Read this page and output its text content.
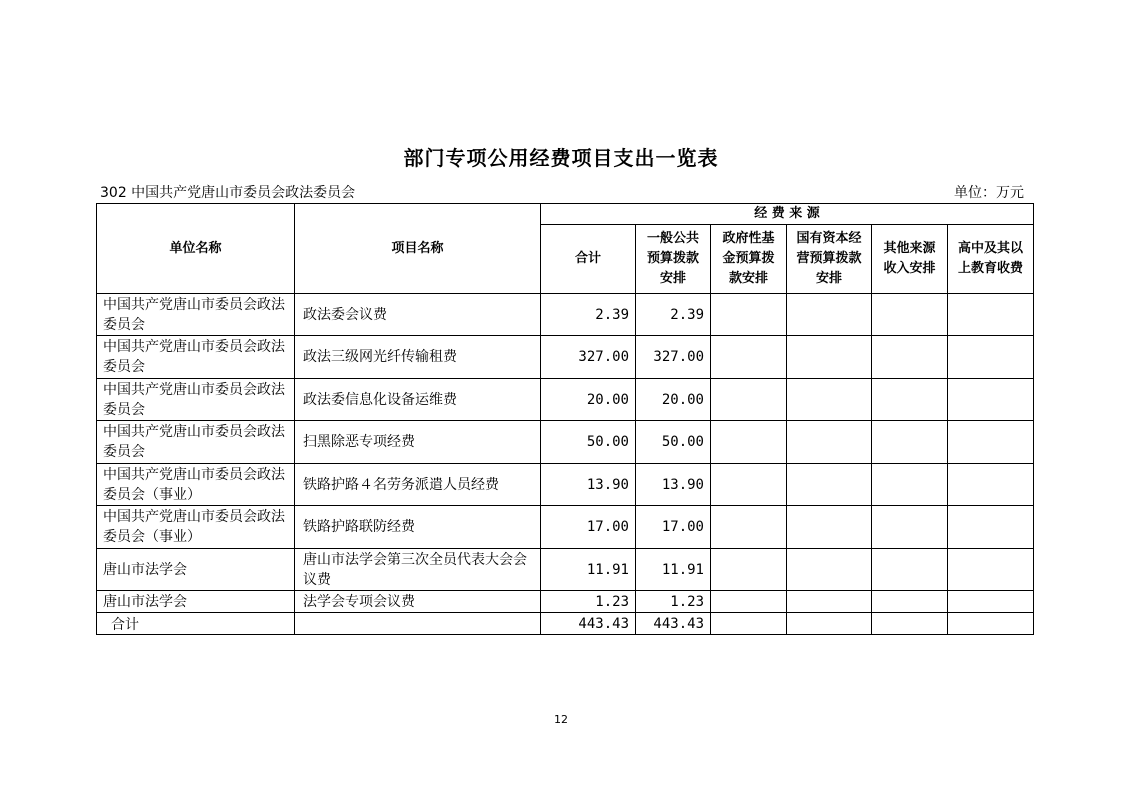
部门专项公用经费项目支出一览表
302 中国共产党唐山市委员会政法委员会	单位：万元
单位名称	项目名称	经 费 来 源					
		合计	一般公共预算拨款安排	政府性基金预算拨款安排	国有资本经营预算拨款安排	其他来源收入安排	高中及其以上教育收费
中国共产党唐山市委员会政法委员会	政法委会议费	2.39	2.39				
中国共产党唐山市委员会政法委员会	政法三级网光纤传输租费	327.00	327.00				
中国共产党唐山市委员会政法委员会	政法委信息化设备运维费	20.00	20.00				
中国共产党唐山市委员会政法委员会	扫黑除恶专项经费	50.00	50.00				
中国共产党唐山市委员会政法委员会（事业）	铁路护路４名劳务派遣人员经费	13.90	13.90				
中国共产党唐山市委员会政法委员会（事业）	铁路护路联防经费	17.00	17.00				
唐山市法学会	唐山市法学会第三次全员代表大会会议费	11.91	11.91				
唐山市法学会	法学会专项会议费	1.23	1.23				
合计		443.43	443.43				
12
